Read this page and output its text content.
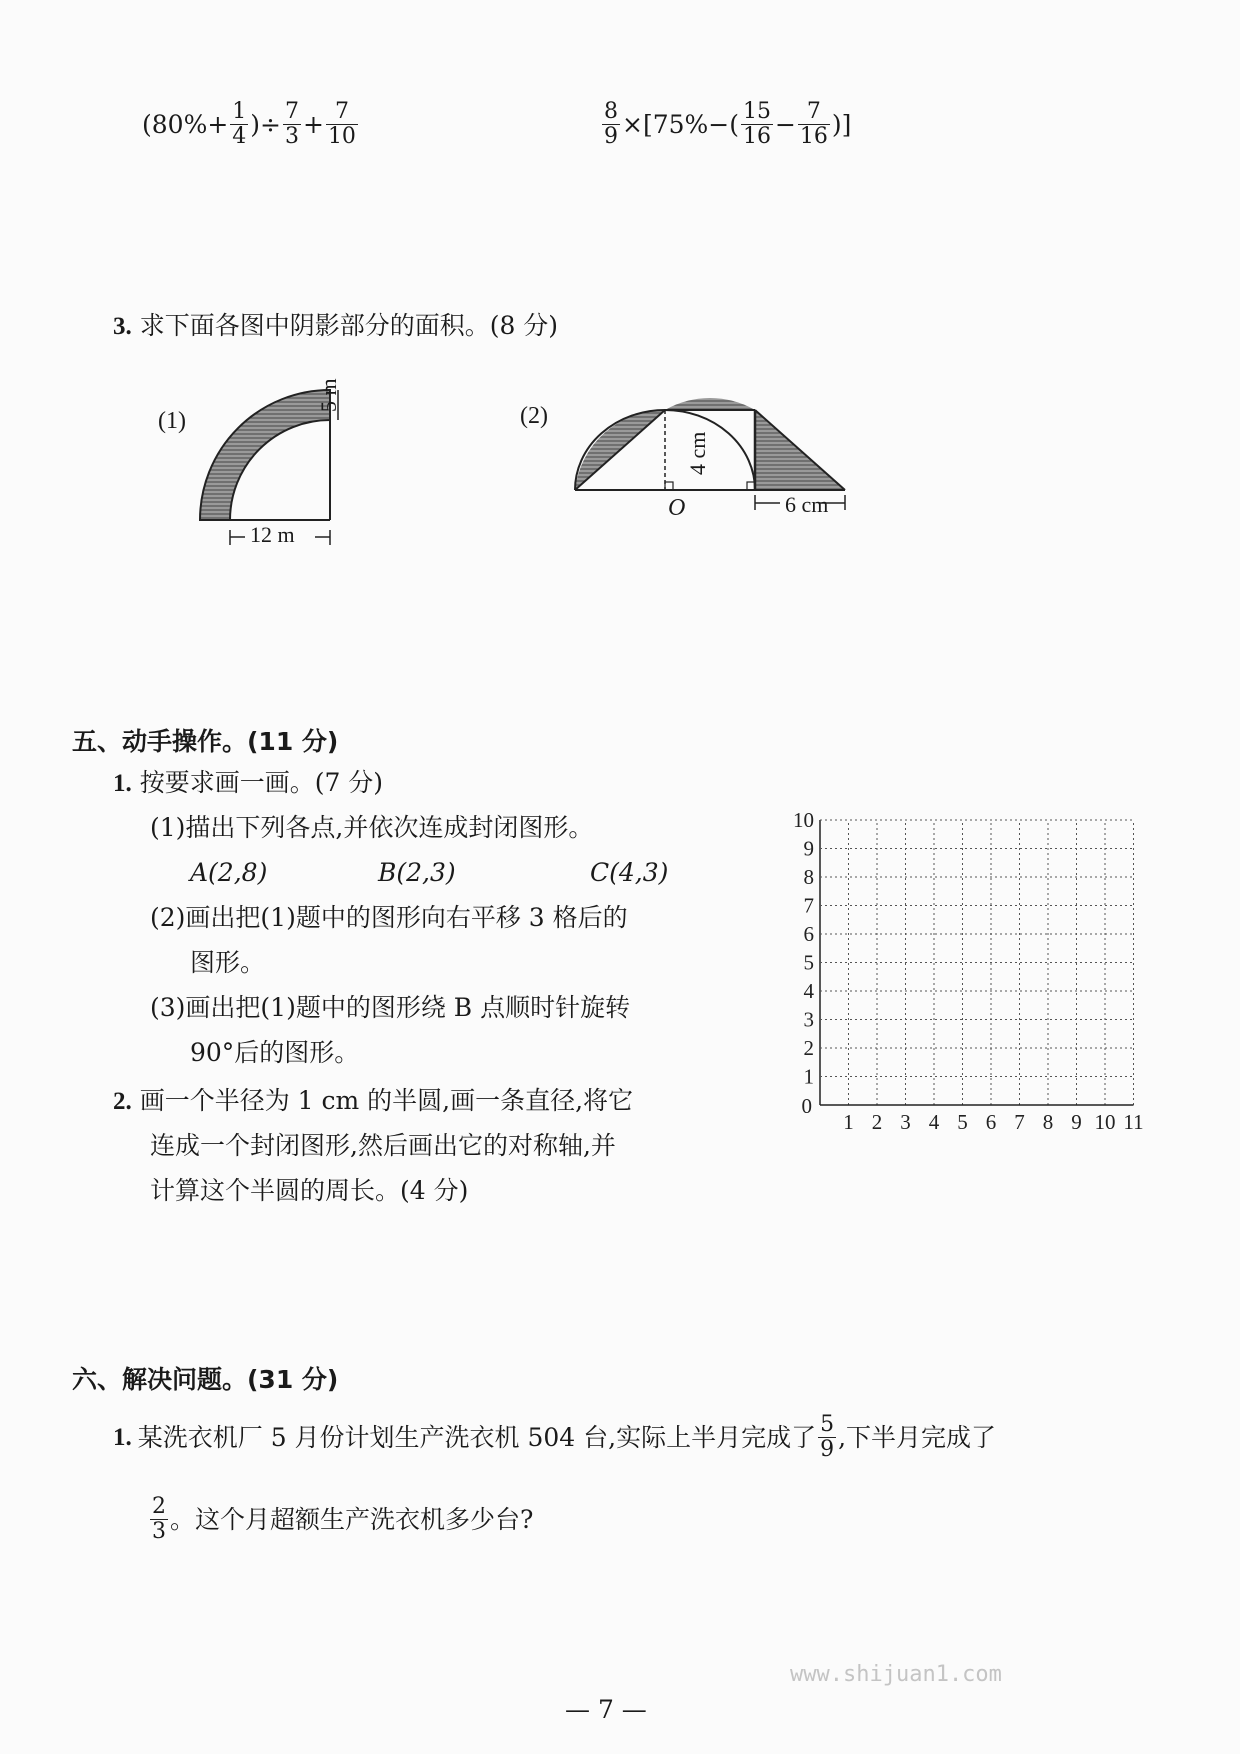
($80\%+ \frac{1}{4}$ )÷ $\frac{7}{3} + \frac{7}{10}$	$\frac{8}{9} \times[75\%-( \frac{15}{16} - \frac{7}{16}$ )]
3. 求下面各图中阴影部分的面积。(8 分)
(1)
5 m
12 m
(2)
4 cm
O	6 cm
五、动手操作。(11 分)
1. 按要求画一画。(7 分)
(1)描出下列各点,并依次连成封闭图形。
A(2,8)	B(2,3)	C(4,3)
(2)画出把(1)题中的图形向右平移 3 格后的
图形。
(3)画出把(1)题中的图形绕 B 点顺时针旋转
90°后的图形。
2. 画一个半径为 1 cm 的半圆,画一条直径,将它
连成一个封闭图形,然后画出它的对称轴,并
计算这个半圆的周长。(4 分)
10
9
8
7
6
5
4
3
2
1
0
1 2 3 4 5 6 7 8 9 10 11
六、解决问题。(31 分)
1. 某洗衣机厂 5 月份计划生产洗衣机 504 台,实际上半月完成了 $\frac{5}{9}$ ,下半月完成了
$\frac{2}{3}$ 。这个月超额生产洗衣机多少台?
www.shijuan1.com
— 7 —
